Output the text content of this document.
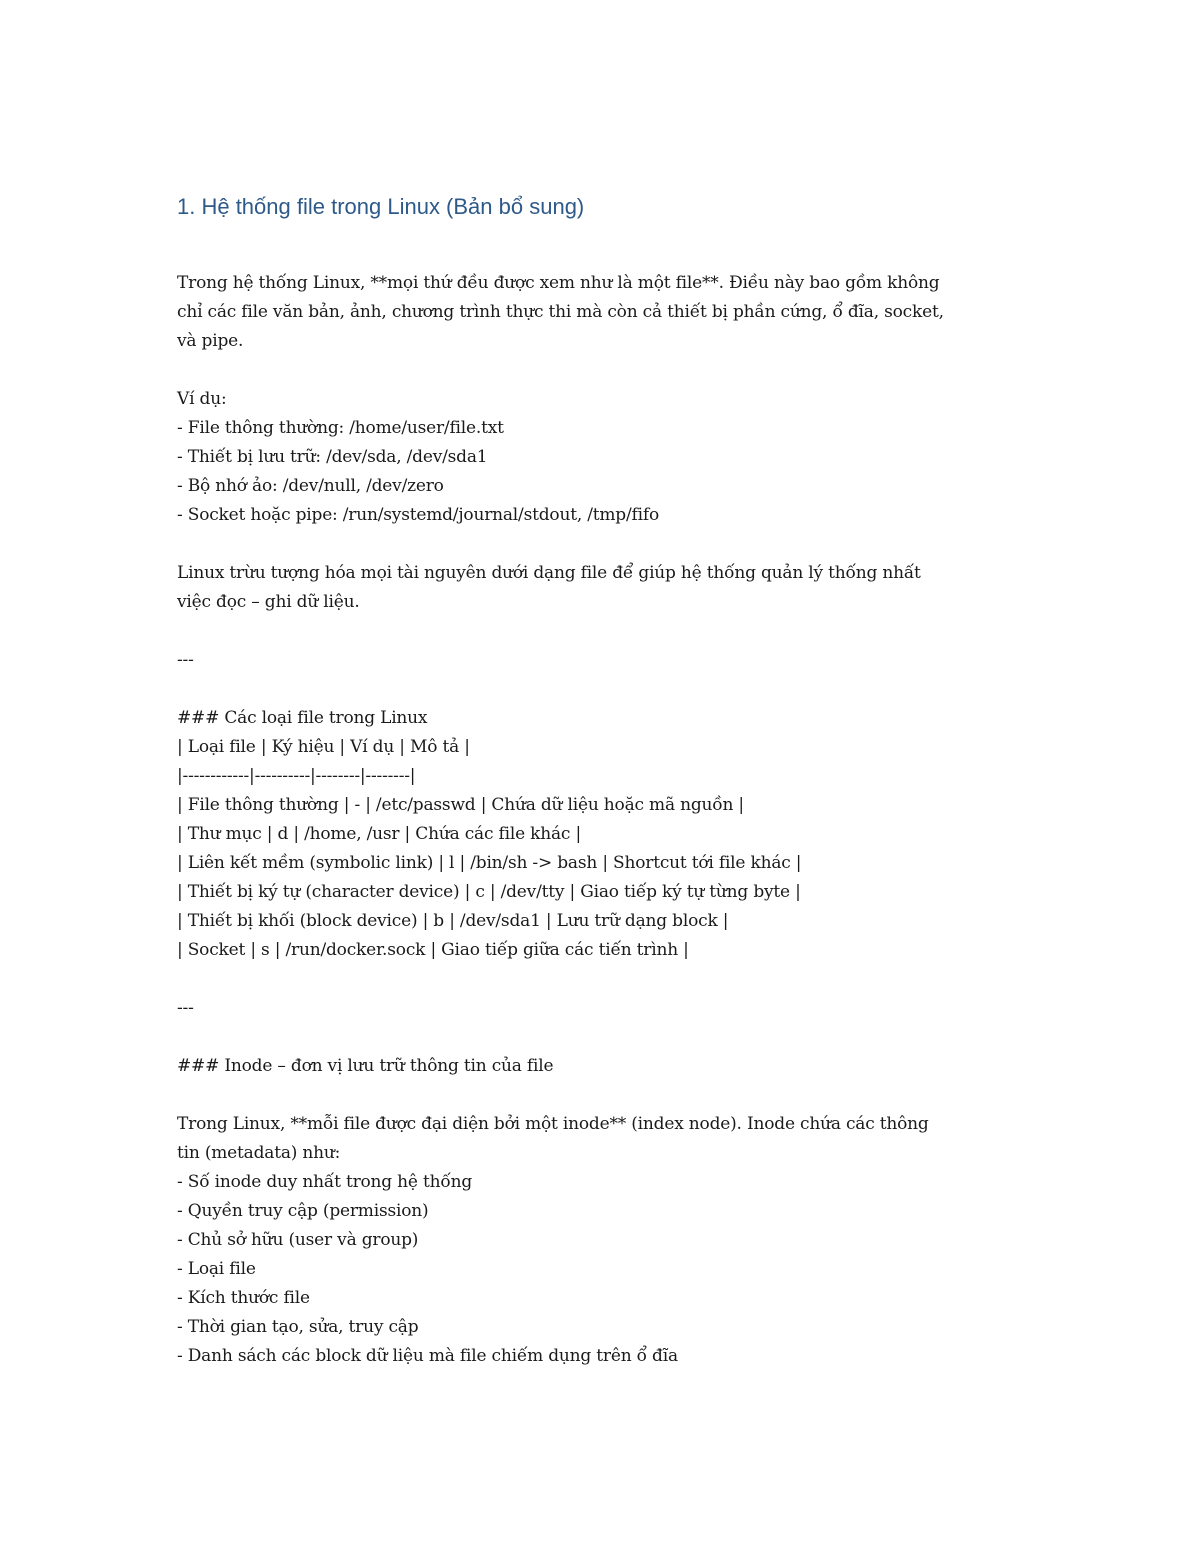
1. Hệ thống file trong Linux (Bản bổ sung)
Trong hệ thống Linux, **mọi thứ đều được xem như là một file**. Điều này bao gồm không
chỉ các file văn bản, ảnh, chương trình thực thi mà còn cả thiết bị phần cứng, ổ đĩa, socket,
và pipe.
Ví dụ:
- File thông thường: /home/user/file.txt
- Thiết bị lưu trữ: /dev/sda, /dev/sda1
- Bộ nhớ ảo: /dev/null, /dev/zero
- Socket hoặc pipe: /run/systemd/journal/stdout, /tmp/fifo
Linux trừu tượng hóa mọi tài nguyên dưới dạng file để giúp hệ thống quản lý thống nhất
việc đọc – ghi dữ liệu.
---
### Các loại file trong Linux
| Loại file | Ký hiệu | Ví dụ | Mô tả |
|------------|----------|--------|--------|
| File thông thường | - | /etc/passwd | Chứa dữ liệu hoặc mã nguồn |
| Thư mục | d | /home, /usr | Chứa các file khác |
| Liên kết mềm (symbolic link) | l | /bin/sh -> bash | Shortcut tới file khác |
| Thiết bị ký tự (character device) | c | /dev/tty | Giao tiếp ký tự từng byte |
| Thiết bị khối (block device) | b | /dev/sda1 | Lưu trữ dạng block |
| Socket | s | /run/docker.sock | Giao tiếp giữa các tiến trình |
---
### Inode – đơn vị lưu trữ thông tin của file
Trong Linux, **mỗi file được đại diện bởi một inode** (index node). Inode chứa các thông
tin (metadata) như:
- Số inode duy nhất trong hệ thống
- Quyền truy cập (permission)
- Chủ sở hữu (user và group)
- Loại file
- Kích thước file
- Thời gian tạo, sửa, truy cập
- Danh sách các block dữ liệu mà file chiếm dụng trên ổ đĩa
